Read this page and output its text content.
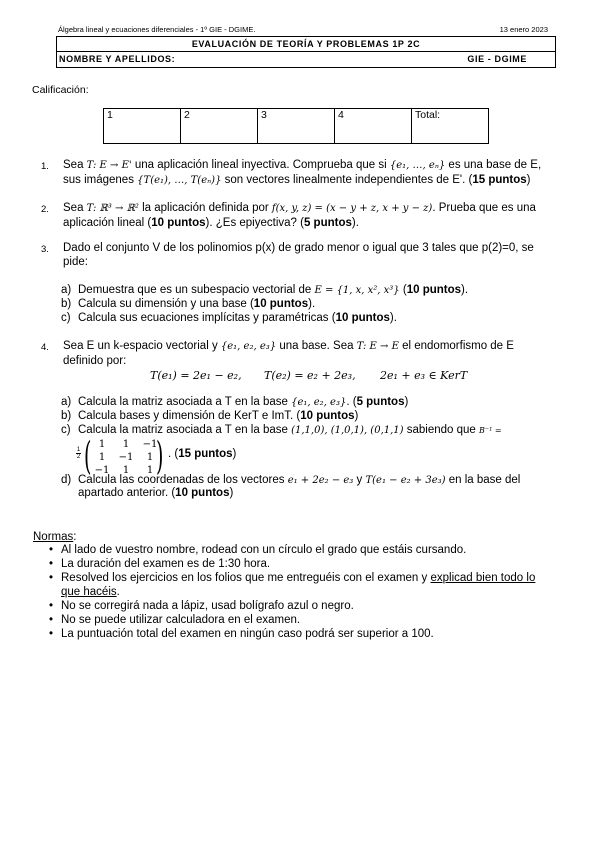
Álgebra lineal y ecuaciones diferenciales - 1º GIE - DGIME.	13 enero 2023
EVALUACIÓN DE TEORÍA Y PROBLEMAS 1P 2C
NOMBRE Y APELLIDOS:	GIE - DGIME
Calificación:
1	2	3	4	Total:
1. Sea T: E → E' una aplicación lineal inyectiva. Comprueba que si {e₁, …, eₙ} es una base de E,
sus imágenes {T(e₁), …, T(eₙ)} son vectores linealmente independientes de E'. (15 puntos)
2. Sea T: ℝ³ → ℝ² la aplicación definida por f(x, y, z) = (x − y + z, x + y − z). Prueba que es una
aplicación lineal (10 puntos). ¿Es epiyectiva? (5 puntos).
3. Dado el conjunto V de los polinomios p(x) de grado menor o igual que 3 tales que p(2)=0, se
pide:
a) Demuestra que es un subespacio vectorial de E = {1, x, x², x³} (10 puntos).
b) Calcula su dimensión y una base (10 puntos).
c) Calcula sus ecuaciones implícitas y paramétricas (10 puntos).
4. Sea E un k-espacio vectorial y {e₁, e₂, e₃} una base. Sea T: E → E el endomorfismo de E
definido por:
T(e₁) = 2e₁ − e₂, T(e₂) = e₂ + 2e₃, 2e₁ + e₃ ∈ KerT
a) Calcula la matriz asociada a T en la base {e₁, e₂, e₃}. (5 puntos)
b) Calcula bases y dimensión de KerT e ImT. (10 puntos)
c) Calcula la matriz asociada a T en la base (1,1,0), (1,0,1), (0,1,1) sabiendo que B⁻¹ =
$\frac{1}{2}$ ( 1	1	−1
1	−1	1
−1	1	1 ) . (15 puntos)
d) Calcula las coordenadas de los vectores e₁ + 2e₂ − e₃ y T(e₁ − e₂ + 3e₃) en la base del
apartado anterior. (10 puntos)
Normas:
• Al lado de vuestro nombre, rodead con un círculo el grado que estáis cursando.
• La duración del examen es de 1:30 hora.
• Resolved los ejercicios en los folios que me entreguéis con el examen y explicad bien todo lo
que hacéis.
• No se corregirá nada a lápiz, usad bolígrafo azul o negro.
• No se puede utilizar calculadora en el examen.
• La puntuación total del examen en ningún caso podrá ser superior a 100.
